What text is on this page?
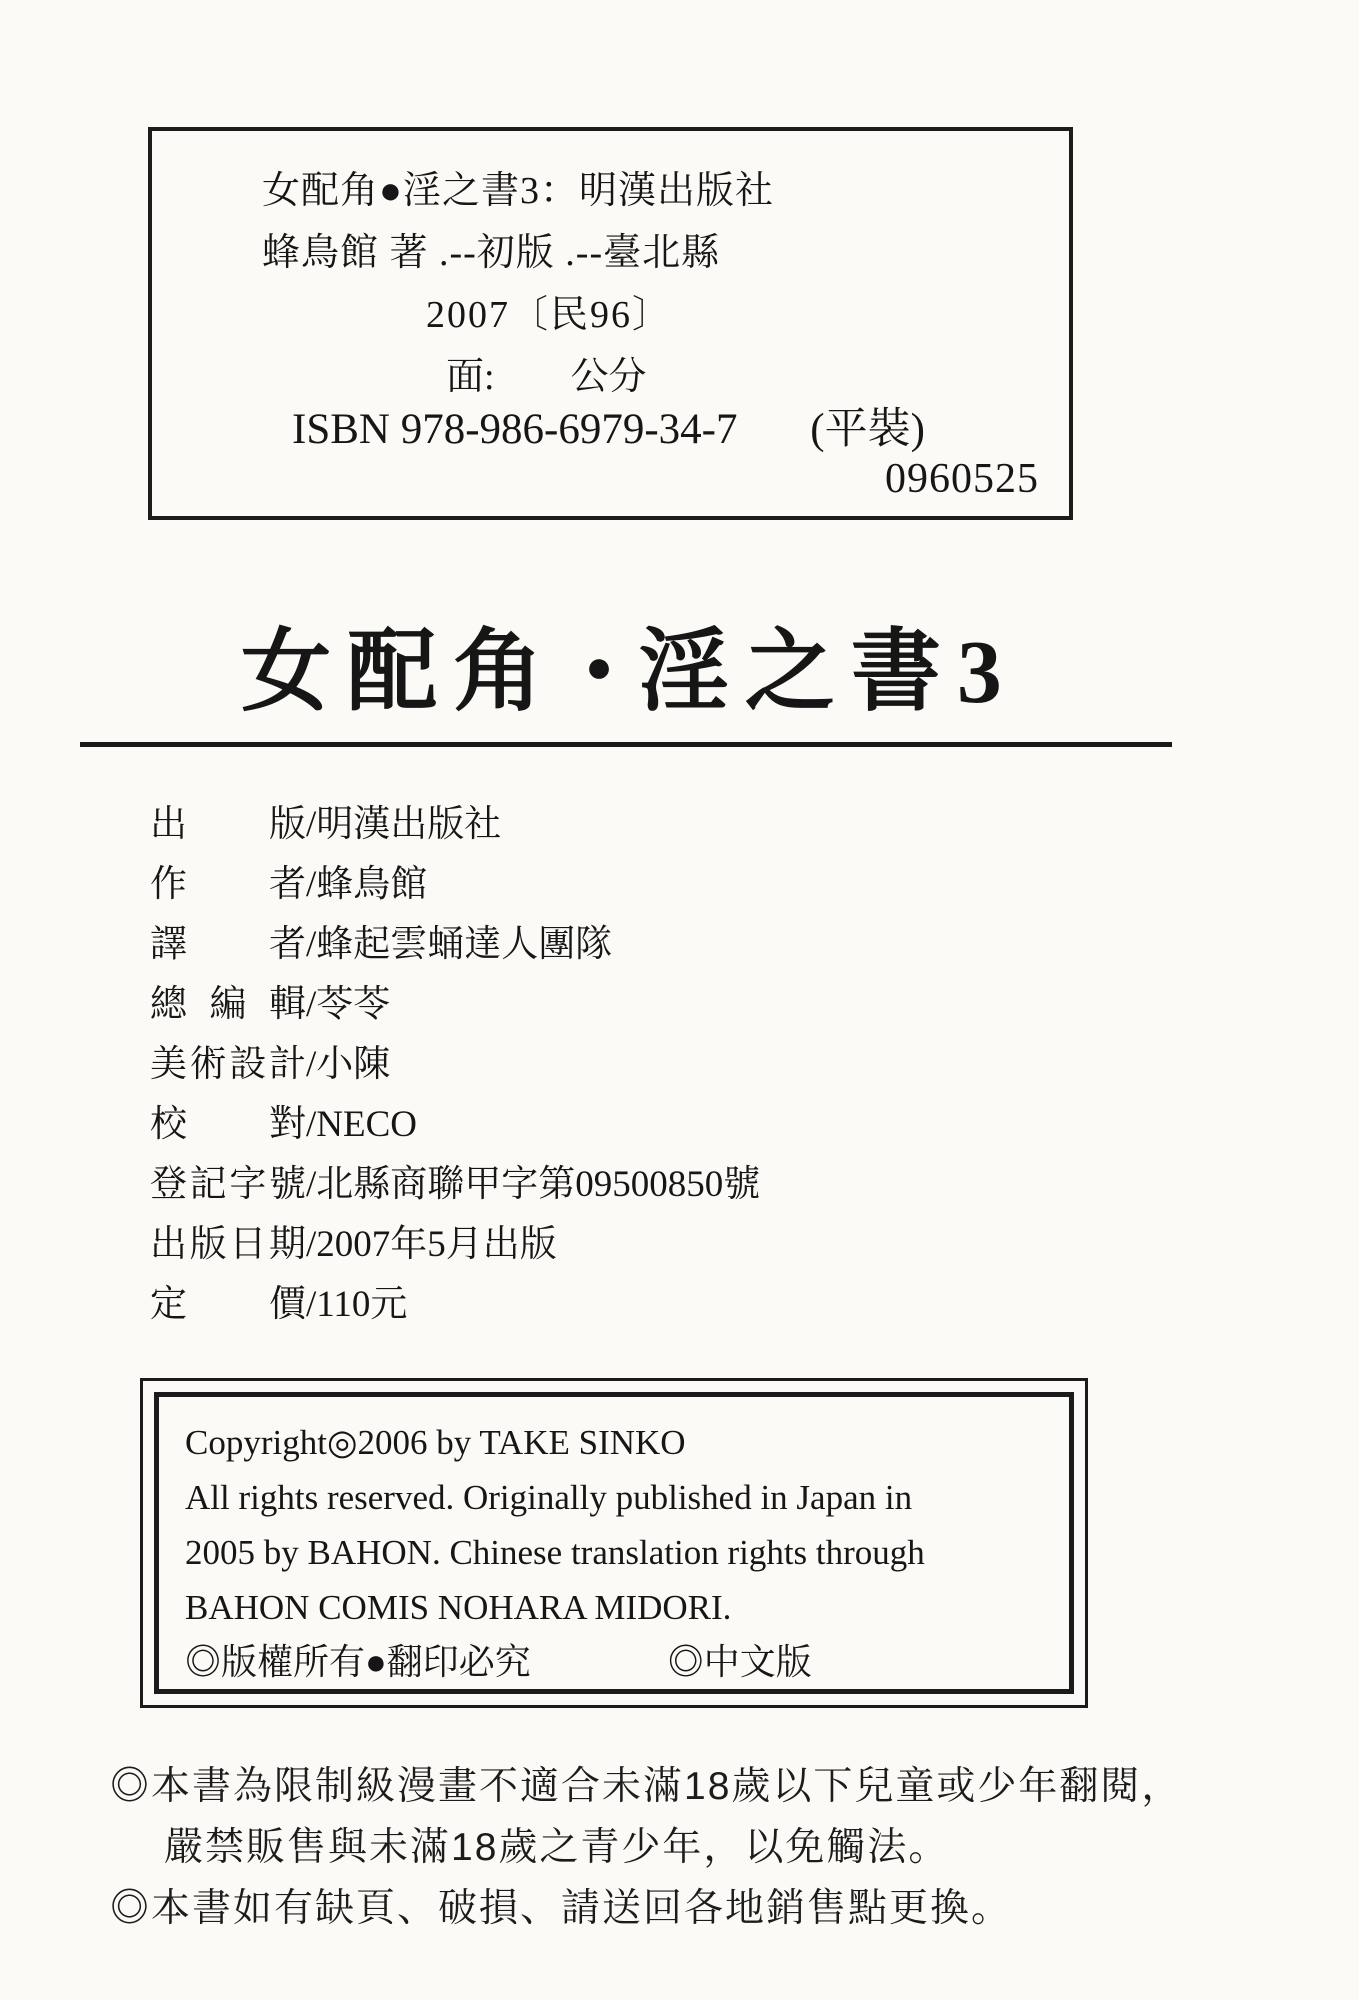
女配角●淫之書3：明漢出版社
蜂鳥館 著 .--初版 .--臺北縣
2007〔民96〕
面:　　公分
ISBN 978-986-6979-34-7 (平裝)
0960525
女配角 ● 淫之書3
出版/明漢出版社
作者/蜂鳥館
譯者/蜂起雲蛹達人團隊
總編輯/苓苓
美術設計/小陳
校對/NECO
登記字號/北縣商聯甲字第09500850號
出版日期/2007年5月出版
定價/110元
Copyright◎2006 by TAKE SINKO
All rights reserved. Originally published in Japan in
2005 by BAHON. Chinese translation rights through
BAHON COMIS NOHARA MIDORI.
◎版權所有●翻印必究	◎中文版
◎本書為限制級漫畫不適合未滿18歲以下兒童或少年翻閱，
嚴禁販售與未滿18歲之青少年，以免觸法。
◎本書如有缺頁、破損、請送回各地銷售點更換。
